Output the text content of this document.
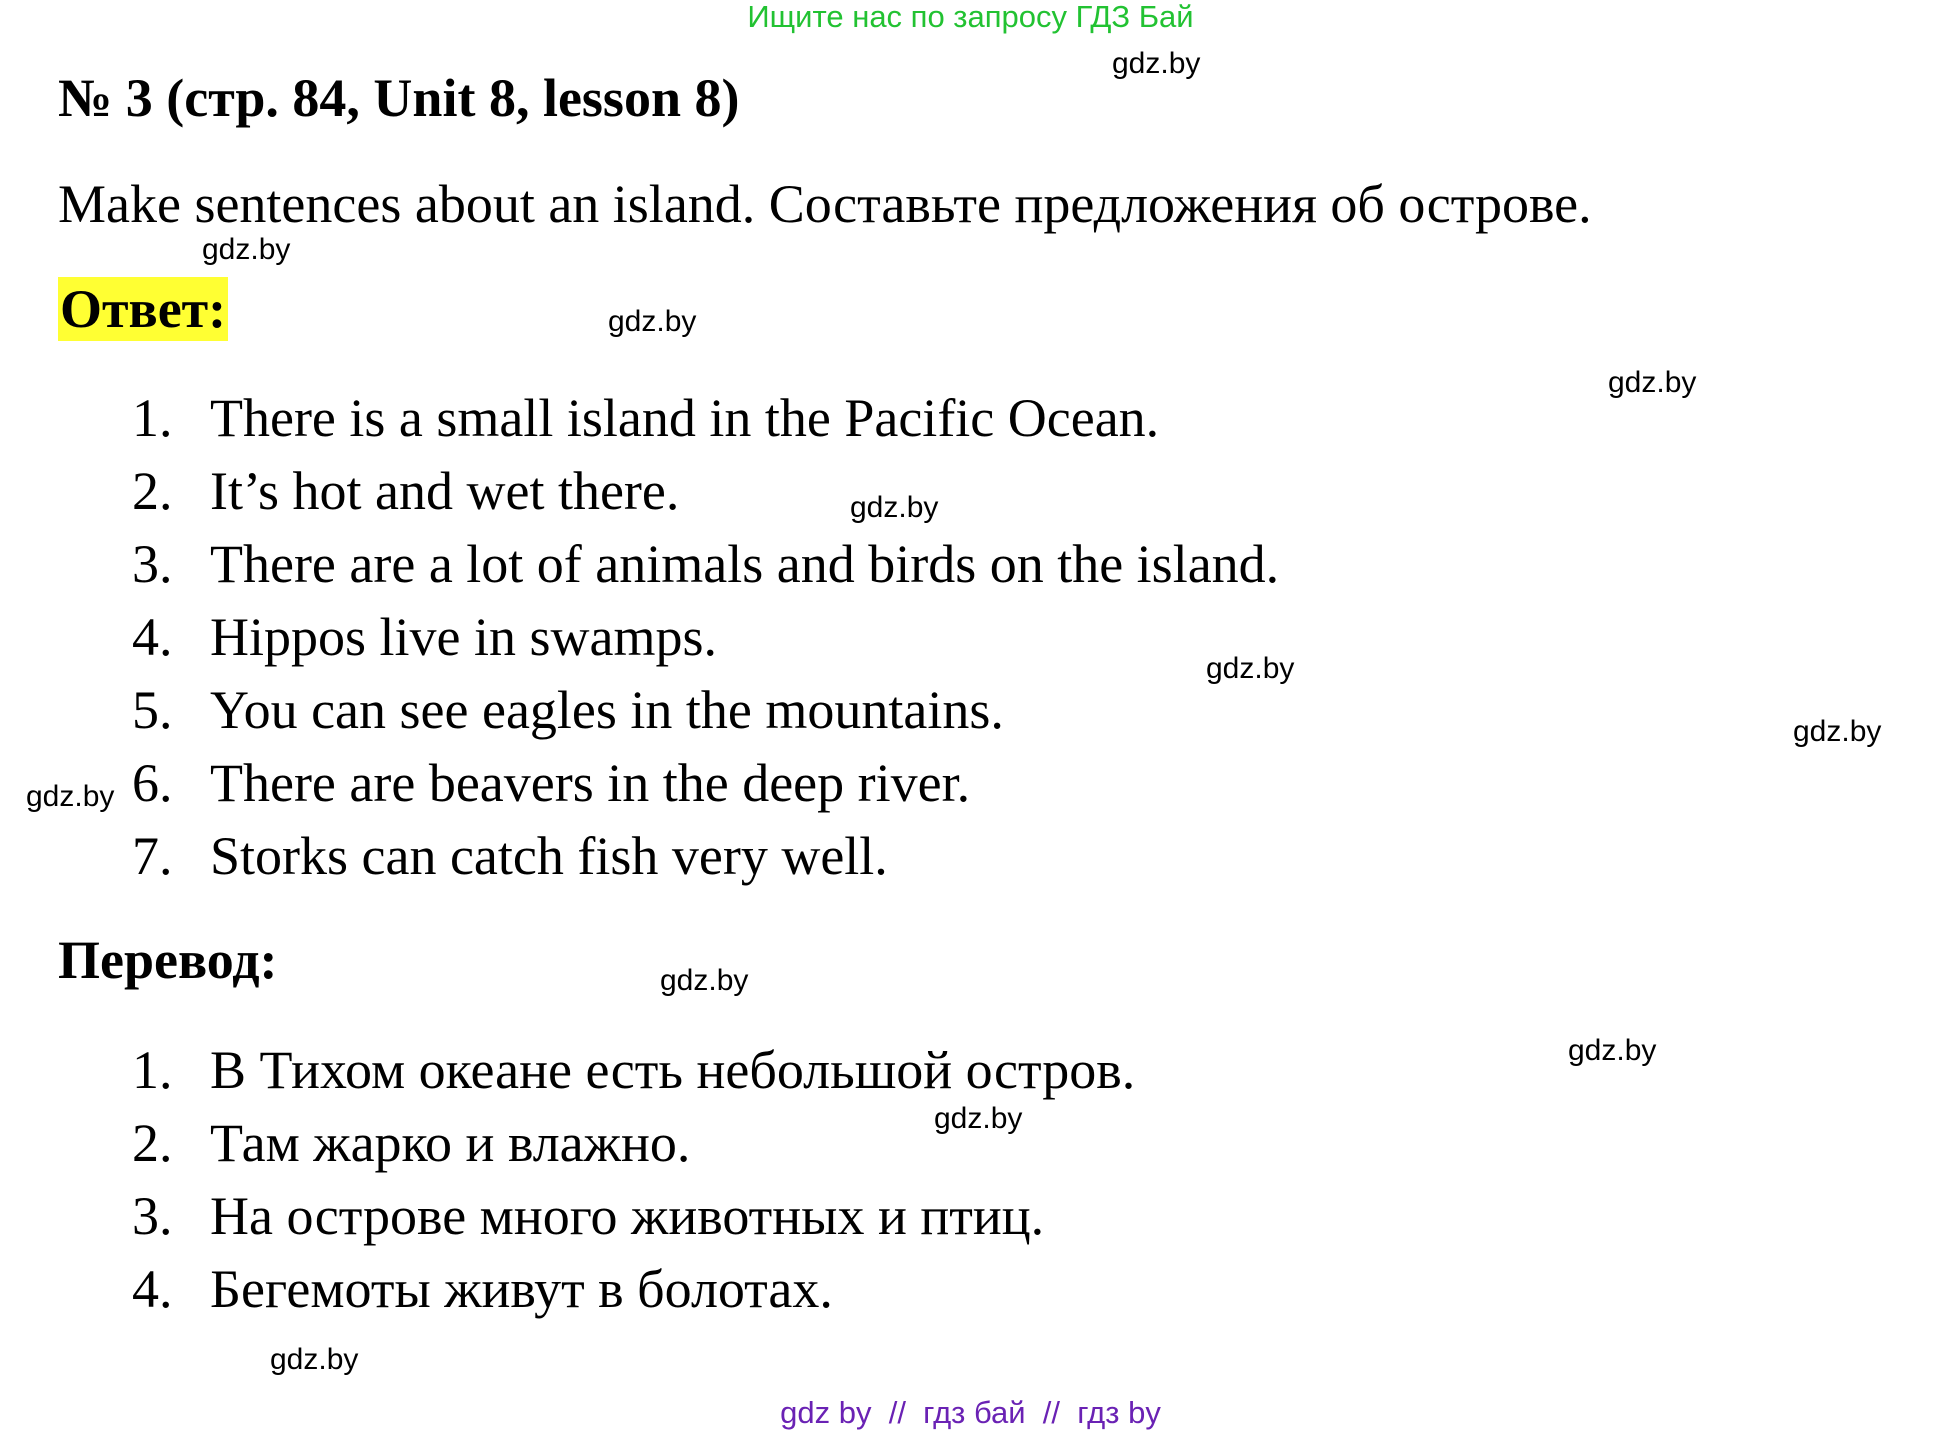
Ищите нас по запросу ГДЗ Бай
№ 3 (стр. 84, Unit 8, lesson 8)
Make sentences about an island. Составьте предложения об острове.
Ответ:
1. There is a small island in the Pacific Ocean.
2. It’s hot and wet there.
3. There are a lot of animals and birds on the island.
4. Hippos live in swamps.
5. You can see eagles in the mountains.
6. There are beavers in the deep river.
7. Storks can catch fish very well.
Перевод:
1. В Тихом океане есть небольшой остров.
2. Там жарко и влажно.
3. На острове много животных и птиц.
4. Бегемоты живут в болотах.
gdz.by
gdz.by
gdz.by
gdz.by
gdz.by
gdz.by
gdz.by
gdz.by
gdz.by
gdz.by
gdz.by
gdz.by
gdz by  //  гдз бай  //  гдз by
